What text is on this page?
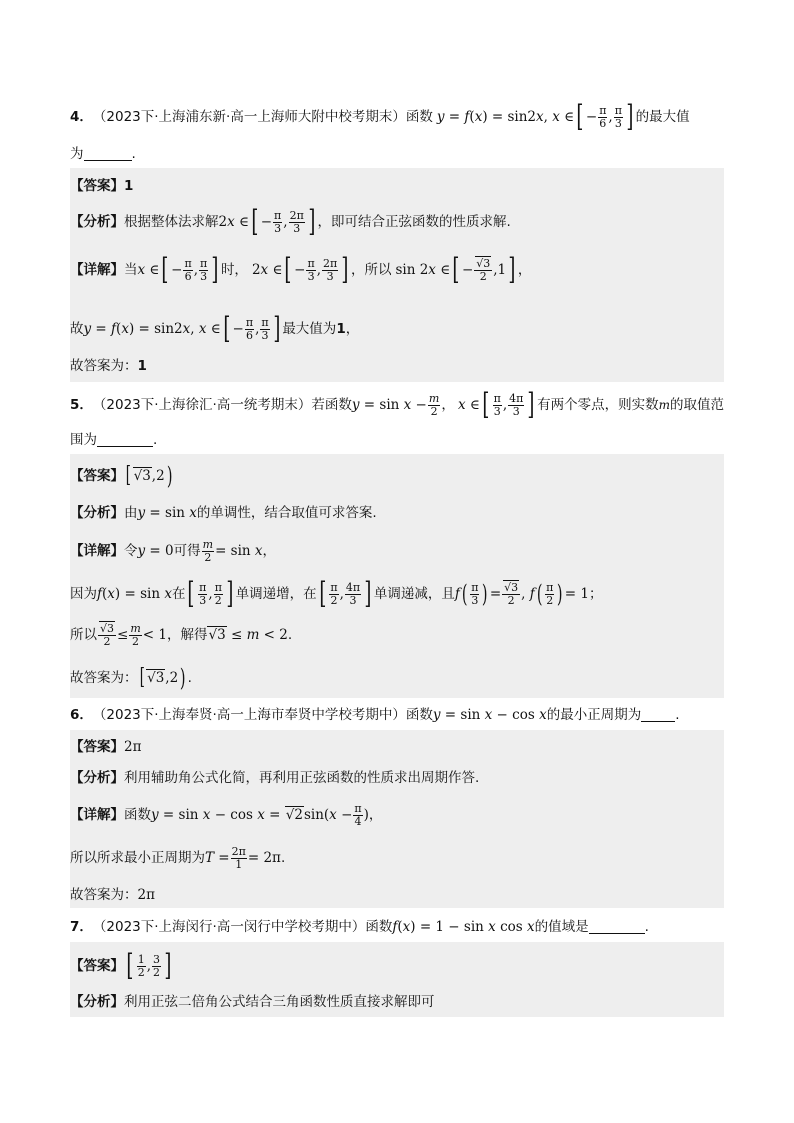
4． （2023下·上海浦东新·高一上海师大附中校考期末） 函数 y = f(x) = sin2x, x ∈ [ − $\frac{\pi}{6}$ , $\frac{\pi}{3}$ ] 的最大值
为	.
【答案】 1
【分析】 根据整体法求解 2x ∈ [ − $\frac{\pi}{3}$ , $\frac{2\pi}{3}$ ] ，即可结合正弦函数的性质求解.
【详解】 当 x ∈ [ − $\frac{\pi}{6}$ , $\frac{\pi}{3}$ ] 时， 2x ∈ [ − $\frac{\pi}{3}$ , $\frac{2\pi}{3}$ ] ，所以 sin 2x ∈ [ − $\frac{√3}{2} ,1$ ] ，
故 y = f(x) = sin2x, x ∈ [ − $\frac{\pi}{6}$ , $\frac{\pi}{3}$ ] 最大值为 1 ，
故答案为： 1
5． （2023下·上海徐汇·高一统考期末） 若函数 $y = \sin x - \frac{m}{2}$ ， x ∈ [ $\frac{\pi}{3}$ , $\frac{4\pi}{3}$ ] 有两个零点，则实数 m 的取值范
围为	.
【答案】 [ √3,2 )
【分析】 由 y = sin x 的单调性，结合取值可求答案.
【详解】 令 y = 0 可得 $\frac{m}{2} = \sin x$ ，
因为 f(x) = sin x 在 [ $\frac{\pi}{3}$ , $\frac{\pi}{2}$ ] 单调递增，在 [ $\frac{\pi}{2}$ , $\frac{4\pi}{3}$ ] 单调递减，且 f ( $\frac{\pi}{3}$ ) = $\frac{√3}{2}$ , f ( $\frac{\pi}{2}$ ) = 1 ；
所以 $\frac{√3}{2} \le \frac{m}{2} < 1$ ，解得 √3 ≤ m < 2 .
故答案为： [ √3,2 ) .
6． （2023下·上海奉贤·高一上海市奉贤中学校考期中） 函数 y = sin x − cos x 的最小正周期为	.
【答案】 2π
【分析】 利用辅助角公式化简，再利用正弦函数的性质求出周期作答.
【详解】 函数 $y = \sin x - \cos x = √2\sin(x - \frac{\pi}{4}$ ) ，
所以所求最小正周期为 $T = \frac{2\pi}{1} = 2\pi$ .
故答案为： 2π
7． （2023下·上海闵行·高一闵行中学校考期中） 函数 f(x) = 1 − sin x cos x 的值域是	.
【答案】 [ $\frac{1}{2}$ , $\frac{3}{2}$ ]
【分析】 利用正弦二倍角公式结合三角函数性质直接求解即可
